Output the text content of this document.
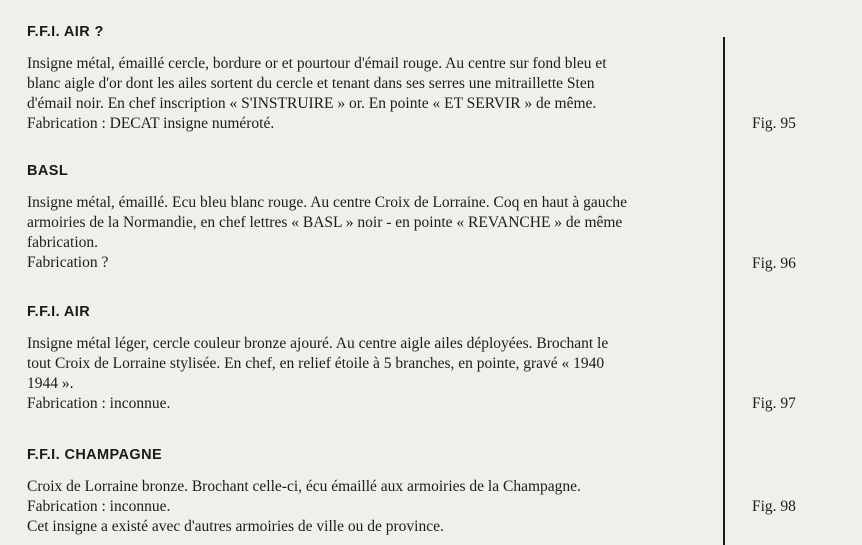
F.F.I. AIR ?
Insigne métal, émaillé cercle, bordure or et pourtour d'émail rouge. Au centre sur fond bleu et
blanc aigle d'or dont les ailes sortent du cercle et tenant dans ses serres une mitraillette Sten
d'émail noir. En chef inscription « S'INSTRUIRE » or. En pointe « ET SERVIR » de même.
Fabrication : DECAT insigne numéroté.
BASL
Insigne métal, émaillé. Ecu bleu blanc rouge. Au centre Croix de Lorraine. Coq en haut à gauche
armoiries de la Normandie, en chef lettres « BASL » noir - en pointe « REVANCHE » de même
fabrication.
Fabrication ?
F.F.I. AIR
Insigne métal léger, cercle couleur bronze ajouré. Au centre aigle ailes déployées. Brochant le
tout Croix de Lorraine stylisée. En chef, en relief étoile à 5 branches, en pointe, gravé « 1940
1944 ».
Fabrication : inconnue.
F.F.I. CHAMPAGNE
Croix de Lorraine bronze. Brochant celle-ci, écu émaillé aux armoiries de la Champagne.
Fabrication : inconnue.
Cet insigne a existé avec d'autres armoiries de ville ou de province.
Fig. 95
Fig. 96
Fig. 97
Fig. 98
